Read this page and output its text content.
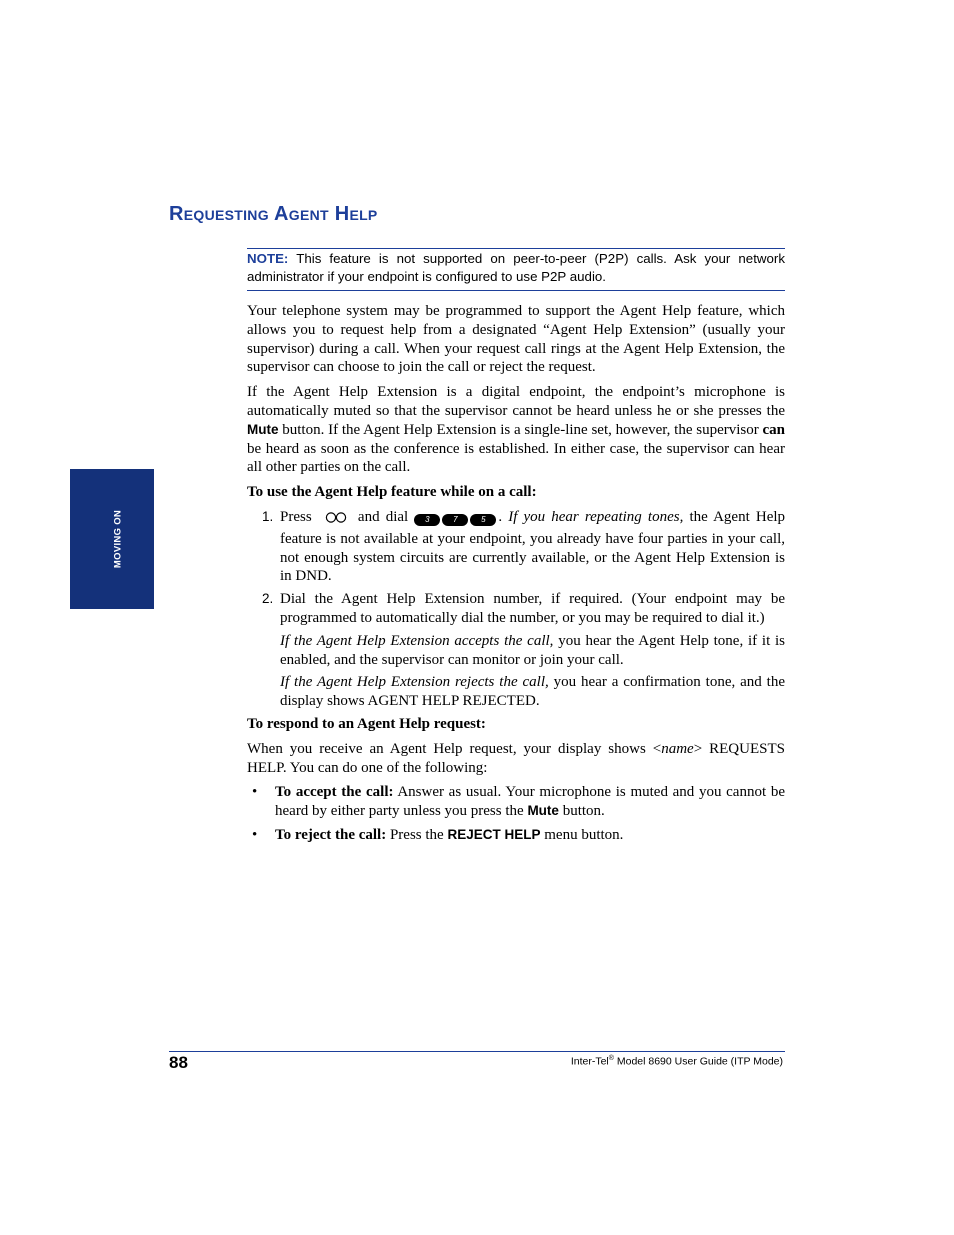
MOVING ON
Requesting Agent Help
NOTE: This feature is not supported on peer-to-peer (P2P) calls. Ask your network administrator if your endpoint is configured to use P2P audio.

Your telephone system may be programmed to support the Agent Help feature, which allows you to request help from a designated “Agent Help Extension” (usually your supervisor) during a call. When your request call rings at the Agent Help Extension, the supervisor can choose to join the call or reject the request.

If the Agent Help Extension is a digital endpoint, the endpoint’s microphone is automatically muted so that the supervisor cannot be heard unless he or she presses the Mute button. If the Agent Help Extension is a single-line set, however, the supervisor can be heard as soon as the conference is established. In either case, the supervisor can hear all other parties on the call.

To use the Agent Help feature while on a call:

1. Press	and dial 3	7	5 . If you hear repeating tones, the Agent Help feature is not available at your endpoint, you already have four parties in your call, not enough system circuits are currently available, or the Agent Help Extension is in DND.

2. Dial the Agent Help Extension number, if required. (Your endpoint may be programmed to automatically dial the number, or you may be required to dial it.)

If the Agent Help Extension accepts the call, you hear the Agent Help tone, if it is enabled, and the supervisor can monitor or join your call.

If the Agent Help Extension rejects the call, you hear a confirmation tone, and the display shows AGENT HELP REJECTED.

To respond to an Agent Help request:

When you receive an Agent Help request, your display shows <name> REQUESTS HELP. You can do one of the following:

• To accept the call: Answer as usual. Your microphone is muted and you cannot be heard by either party unless you press the Mute button.
• To reject the call: Press the REJECT HELP menu button.
88	Inter-Tel® Model 8690 User Guide (ITP Mode)
